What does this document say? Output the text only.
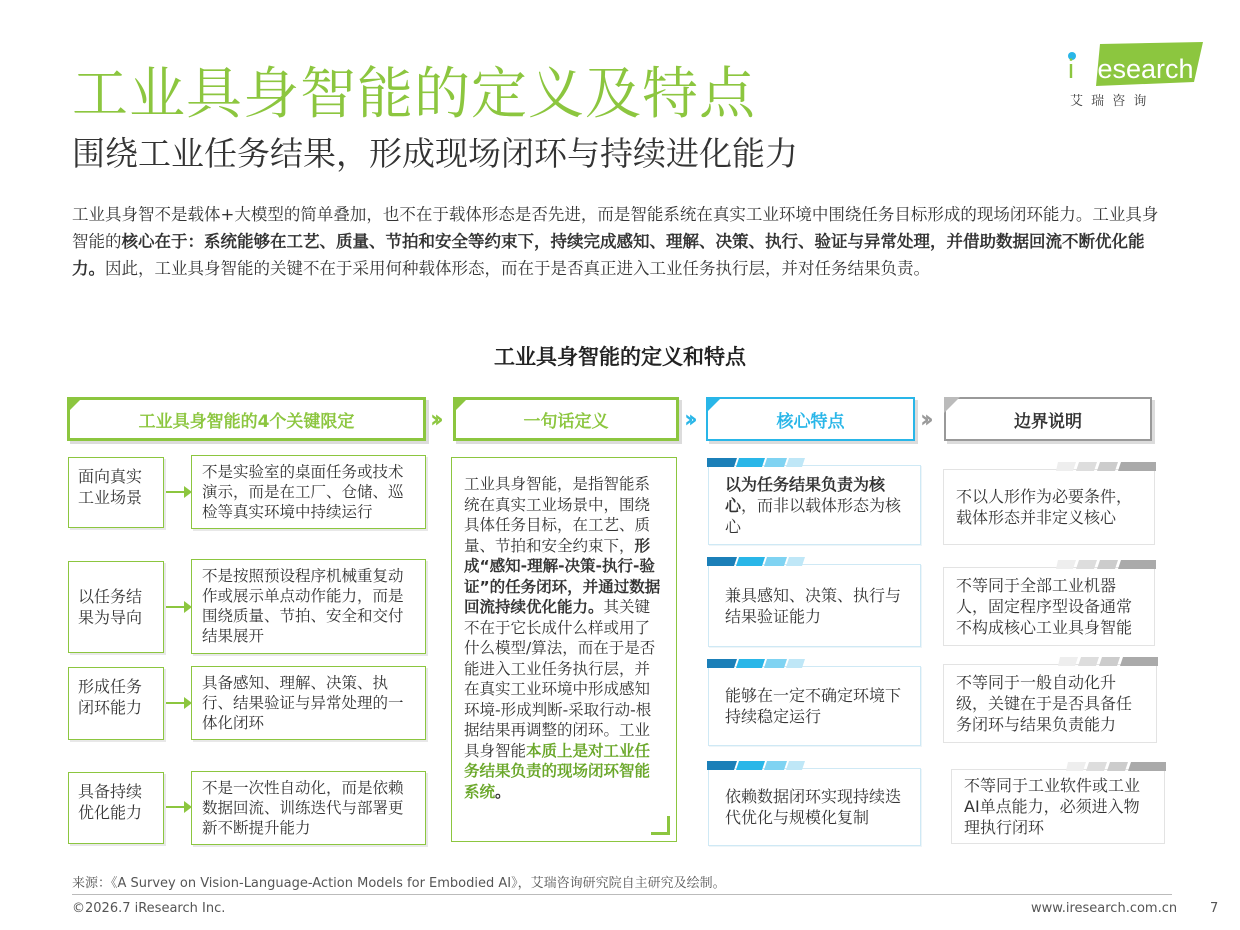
工业具身智能的定义及特点
围绕工业任务结果，形成现场闭环与持续进化能力
i Research
艾 瑞 咨 询
工业具身智不是载体+大模型的简单叠加，也不在于载体形态是否先进，而是智能系统在真实工业环境中围绕任务目标形成的现场闭环能力。工业具身智能的核心在于：系统能够在工艺、质量、节拍和安全等约束下，持续完成感知、理解、决策、执行、验证与异常处理，并借助数据回流不断优化能力。因此，工业具身智能的关键不在于采用何种载体形态，而在于是否真正进入工业任务执行层，并对任务结果负责。
工业具身智能的定义和特点
工业具身智能的4个关键限定	››	一句话定义	››	核心特点	››	边界说明
面向真实工业场景
不是实验室的桌面任务或技术演示，而是在工厂、仓储、巡检等真实环境中持续运行
以任务结果为导向
不是按照预设程序机械重复动作或展示单点动作能力，而是围绕质量、节拍、安全和交付结果展开
形成任务闭环能力
具备感知、理解、决策、执行、结果验证与异常处理的一体化闭环
具备持续优化能力
不是一次性自动化，而是依赖数据回流、训练迭代与部署更新不断提升能力
工业具身智能，是指智能系统在真实工业场景中，围绕具体任务目标，在工艺、质量、节拍和安全约束下，形成“感知-理解-决策-执行-验证”的任务闭环，并通过数据回流持续优化能力。其关键不在于它长成什么样或用了什么模型/算法，而在于是否能进入工业任务执行层，并在真实工业环境中形成感知环境-形成判断-采取行动-根据结果再调整的闭环。工业具身智能本质上是对工业任务结果负责的现场闭环智能系统。
以为任务结果负责为核心，而非以载体形态为核心
兼具感知、决策、执行与结果验证能力
能够在一定不确定环境下持续稳定运行
依赖数据闭环实现持续迭代优化与规模化复制
不以人形作为必要条件，载体形态并非定义核心
不等同于全部工业机器人，固定程序型设备通常不构成核心工业具身智能
不等同于一般自动化升级，关键在于是否具备任务闭环与结果负责能力
不等同于工业软件或工业AI单点能力，必须进入物理执行闭环
来源：《A Survey on Vision-Language-Action Models for Embodied AI》，艾瑞咨询研究院自主研究及绘制。
©2026.7 iResearch Inc.	www.iresearch.com.cn	7
